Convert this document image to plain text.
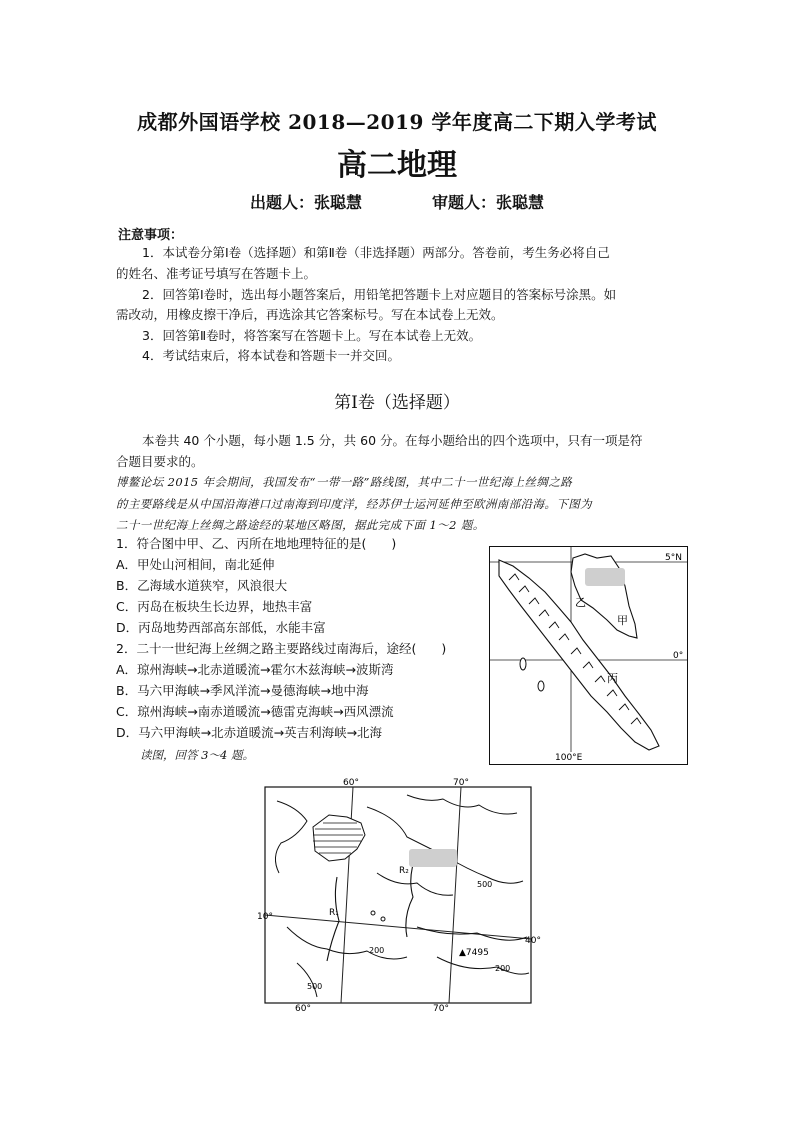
成都外国语学校 2018—2019 学年度高二下期入学考试
高二地理
出题人：张聪慧	审题人：张聪慧
注意事项：
1．本试卷分第Ⅰ卷（选择题）和第Ⅱ卷（非选择题）两部分。答卷前，考生务必将自己
的姓名、准考证号填写在答题卡上。
2．回答第Ⅰ卷时，选出每小题答案后，用铅笔把答题卡上对应题目的答案标号涂黑。如
需改动，用橡皮擦干净后，再选涂其它答案标号。写在本试卷上无效。
3．回答第Ⅱ卷时，将答案写在答题卡上。写在本试卷上无效。
4．考试结束后，将本试卷和答题卡一并交回。
第Ⅰ卷（选择题）
本卷共 40 个小题，每小题 1.5 分，共 60 分。在每小题给出的四个选项中，只有一项是符
合题目要求的。
博鳌论坛 2015 年会期间，我国发布“一带一路”路线图，其中二十一世纪海上丝绸之路
的主要路线是从中国沿海港口过南海到印度洋，经苏伊士运河延伸至欧洲南部沿海。下图为
二十一世纪海上丝绸之路途经的某地区略图，据此完成下面 1～2 题。
1．符合图中甲、乙、丙所在地地理特征的是(　　)
A．甲处山河相间，南北延伸
B．乙海域水道狭窄，风浪很大
C．丙岛在板块生长边界，地热丰富
D．丙岛地势西部高东部低，水能丰富
2．二十一世纪海上丝绸之路主要路线过南海后，途经(　　)
A．琼州海峡→北赤道暖流→霍尔木兹海峡→波斯湾
B．马六甲海峡→季风洋流→曼德海峡→地中海
C．琼州海峡→南赤道暖流→德雷克海峡→西风漂流
D．马六甲海峡→北赤道暖流→英吉利海峡→北海
读图，回答 3～4 题。
5°N
0°
100°E
乙
甲
丙
60°	70°
60°	70°
10°
40°
R₂
R₁
500
200
200
500
▲7495
